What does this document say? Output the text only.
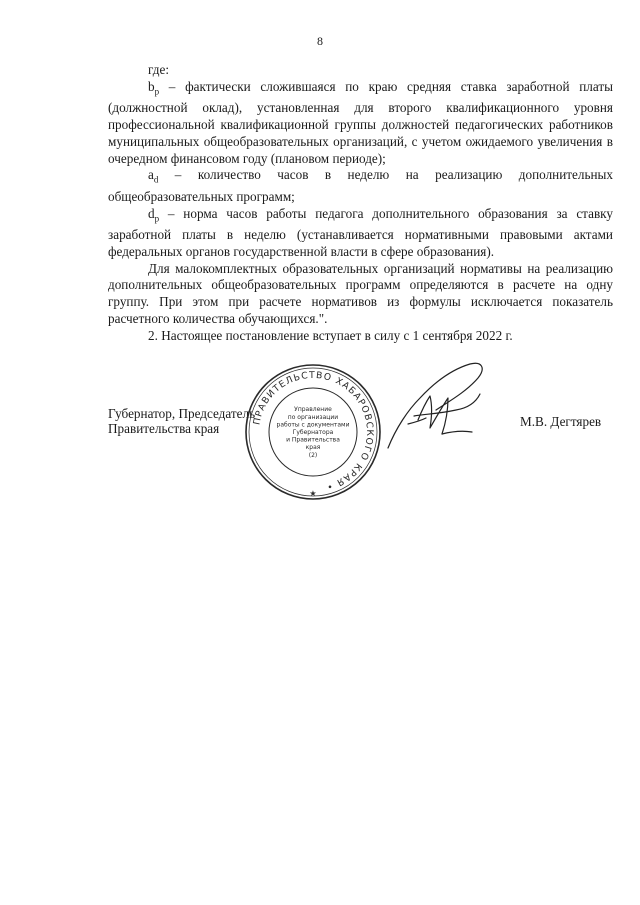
8

где:

$b_р$ – фактически сложившаяся по краю средняя ставка заработной платы (должностной оклад), установленная для второго квалификационного уровня профессиональной квалификационной группы должностей педагогических работников муниципальных общеобразовательных организаций, с учетом ожидаемого увеличения в очередном финансовом году (плановом периоде);

$a_d$ – количество часов в неделю на реализацию дополнительных общеобразовательных программ;

$d_р$ – норма часов работы педагога дополнительного образования за ставку заработной платы в неделю (устанавливается нормативными правовыми актами федеральных органов государственной власти в сфере образования).

Для малокомплектных образовательных организаций нормативы на реализацию дополнительных общеобразовательных программ определяются в расчете на одну группу. При этом при расчете нормативов из формулы исключается показатель расчетного количества обучающихся.".

2. Настоящее постановление вступает в силу с 1 сентября 2022 г.

Губернатор, Председатель
Правительства края	ПРАВИТЕЛЬСТВО ХАБАРОВСКОГО КРАЯ •
★
Управление
по организации
работы с документами
Губернатора
и Правительства
края
(2)
М.В. Дегтярев
